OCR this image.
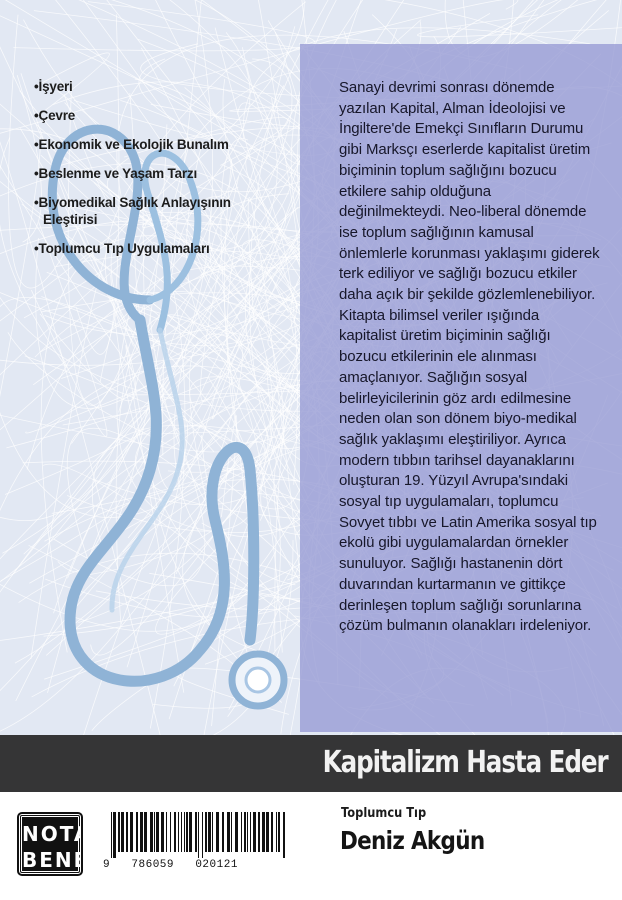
• İşyeri
• Çevre
• Ekonomik ve Ekolojik Bunalım
• Beslenme ve Yaşam Tarzı
• Biyomedikal Sağlık Anlayışının Eleştirisi
• Toplumcu Tıp Uygulamaları

Sanayi devrimi sonrası dönemde yazılan Kapital, Alman İdeolojisi ve İngiltere'de Emekçi Sınıfların Durumu gibi Marksçı eserlerde kapitalist üretim biçiminin toplum sağlığını bozucu etkilere sahip olduğuna değinilmekteydi. Neo-liberal dönemde ise toplum sağlığının kamusal önlemlerle korunması yaklaşımı giderek terk ediliyor ve sağlığı bozucu etkiler daha açık bir şekilde gözlemlenebiliyor. Kitapta bilimsel veriler ışığında kapitalist üretim biçiminin sağlığı bozucu etkilerinin ele alınması amaçlanıyor. Sağlığın sosyal belirleyicilerinin göz ardı edilmesine neden olan son dönem biyo-medikal sağlık yaklaşımı eleştiriliyor. Ayrıca modern tıbbın tarihsel dayanaklarını oluşturan 19. Yüzyıl Avrupa'sındaki sosyal tıp uygulamaları, toplumcu Sovyet tıbbı ve Latin Amerika sosyal tıp ekolü gibi uygulamalardan örnekler sunuluyor. Sağlığı hastanenin dört duvarından kurtarmanın ve gittikçe derinleşen toplum sağlığı sorunlarına çözüm bulmanın olanakları irdeleniyor.

Kapitalizm Hasta Eder
NOTA
BENE 9   786059   020121
Toplumcu Tıp
Deniz Akgün
